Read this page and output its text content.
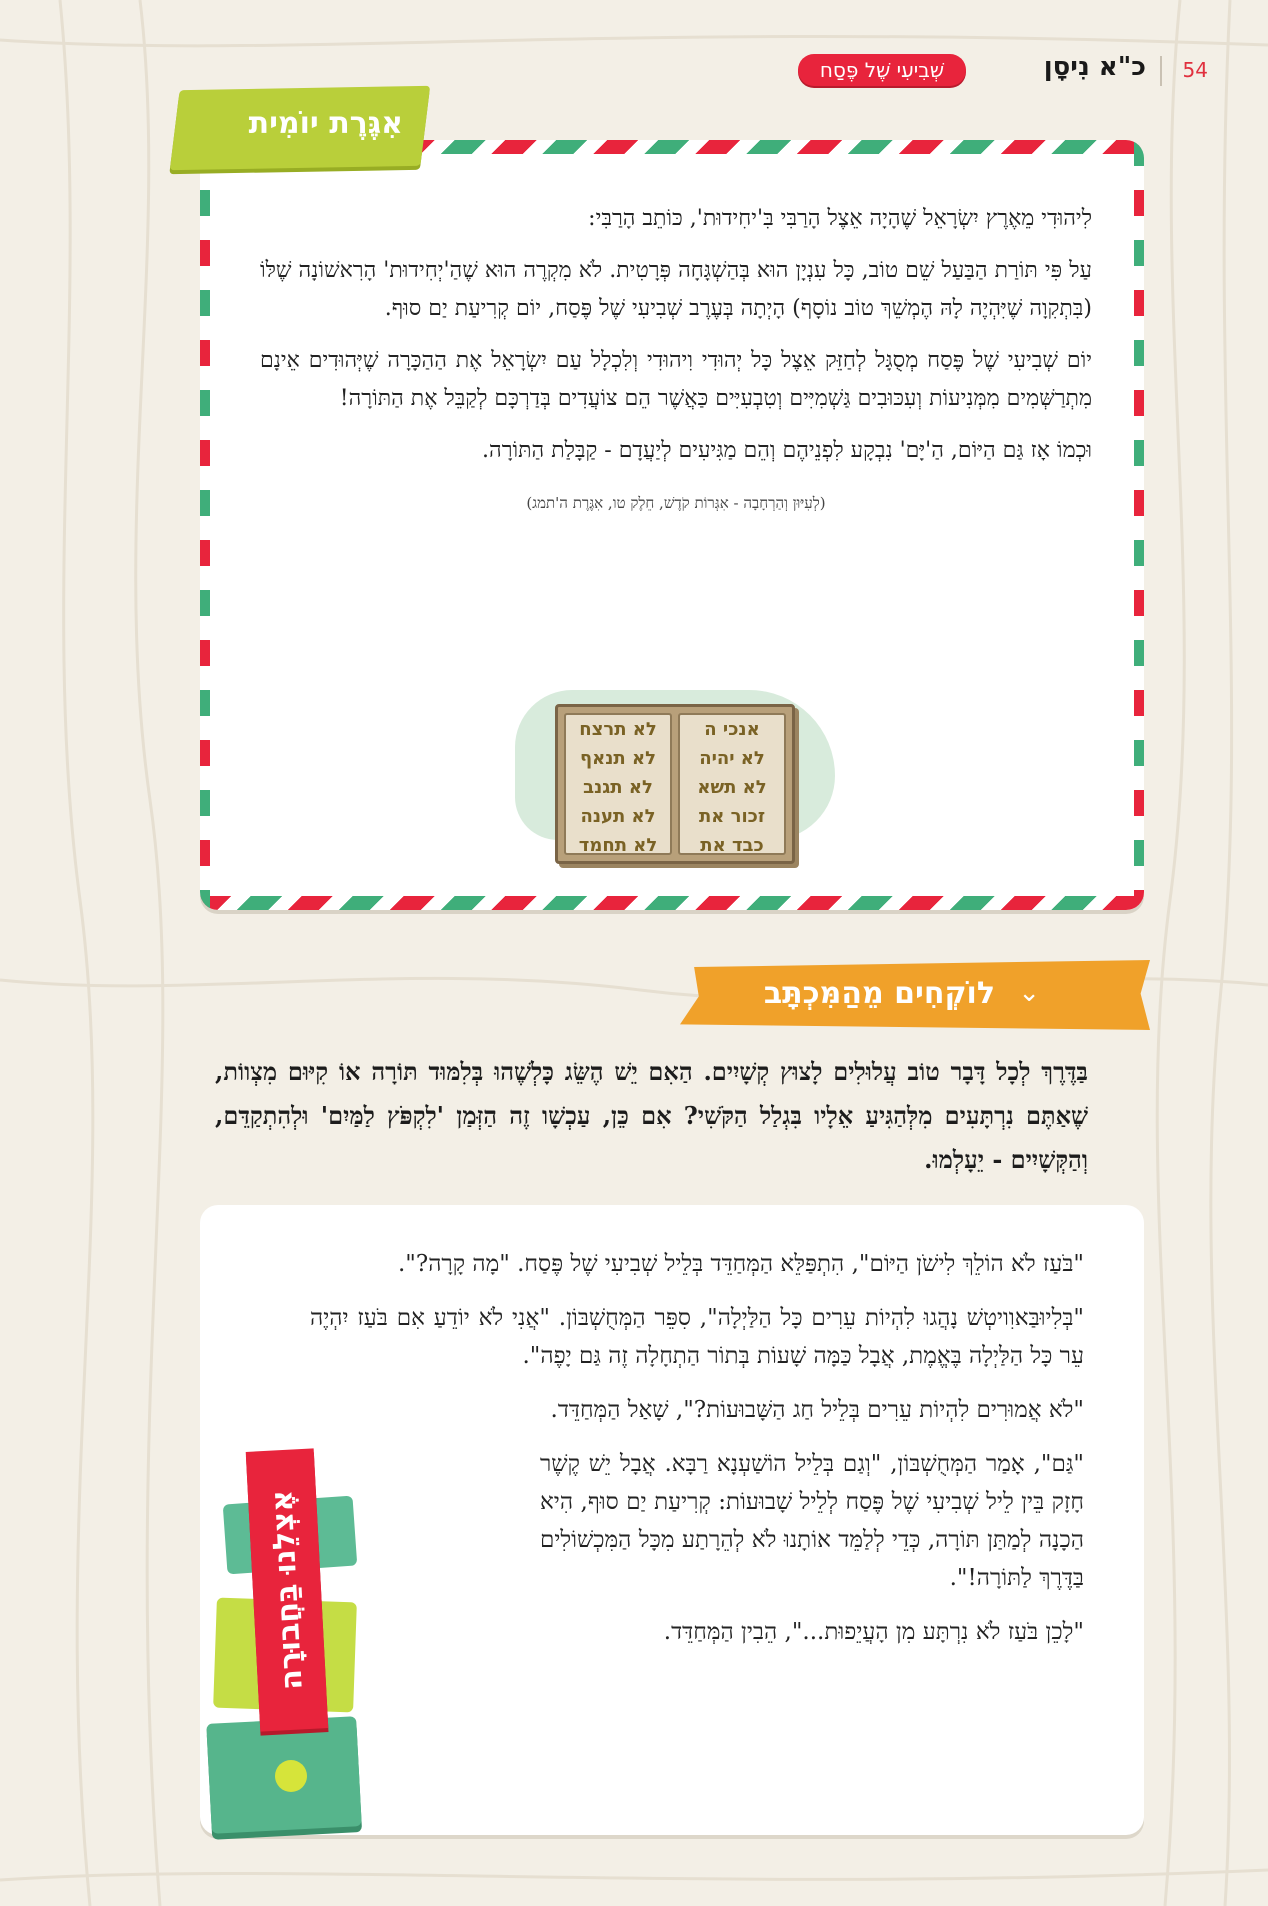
54
כ"א נִיסָן
שְׁבִיעִי שֶׁל פֶּסַח

לִיהוּדִי מֵאֶרֶץ יִשְׂרָאֵל שֶׁהָיָה אֵצֶל הָרַבִּי בִּ'יחִידוּת', כּוֹתֵב הָרַבִּי:

עַל פִּי תּוֹרַת הַבַּעַל שֵׁם טוֹב, כָּל עִנְיָן הוּא בְּהַשְׁגָּחָה פְּרָטִית. לֹא מִקְרֶה הוּא שֶׁהַ'יְחִידוּת' הָרִאשׁוֹנָה שֶׁלּוֹ (בִּתְקִוָה שֶׁיִּהְיֶה לָהּ הֶמְשֵׁךְ טוֹב נוֹסָף) הָיְתָה בְּעֶרֶב שְׁבִיעִי שֶׁל פֶּסַח, יוֹם קְרִיעַת יַם סוּף.

יוֹם שְׁבִיעִי שֶׁל פֶּסַח מְסֻגָּל לְחַזֵּק אֵצֶל כָּל יְהוּדִי וִיהוּדִי וְלִכְלָל עַם יִשְׂרָאֵל אֶת הַהַכָּרָה שֶׁיְּהוּדִים אֵינָם מִתְרַשְּׁמִים מִמְּנִיעוֹת וְעִכּוּבִים גַּשְׁמִיִּים וְטִבְעִיִּים כַּאֲשֶׁר הֵם צוֹעֲדִים בְּדַרְכָּם לְקַבֵּל אֶת הַתּוֹרָה!

וּכְמוֹ אָז גַּם הַיּוֹם, הַ'יָּם' נִבְקָע לִפְנֵיהֶם וְהֵם מַגִּיעִים לְיַעֲדָם - קַבָּלַת הַתּוֹרָה.

(לְעִיּוּן וְהַרְחָבָה - אִגְּרוֹת קֹדֶשׁ, חֵלֶק טו, אִגֶּרֶת ה'תמג)
אִגֶּרֶת יוֹמִית
לא תרצח
לא תנאף
לא תגנב
לא תענה
לא תחמד
אנכי ה
לא יהיה
לא תשא
זכור את
כבד את
⌄
לוֹקְחִים מֵהַמִּכְתָּב
בַּדֶּרֶךְ לְכָל דָּבָר טוֹב עֲלוּלִים לָצוּץ קְשָׁיִים. הַאִם יֵשׁ הֶשֵּׂג כָּלְשֶׁהוּ בְּלִמּוּד תּוֹרָה אוֹ קִיּוּם מִצְווֹת, שֶׁאַתֶּם נִרְתָּעִים מִלְּהַגִּיעַ אֵלָיו בִּגְלַל הַקֹּשִׁי? אִם כֵּן, עַכְשָׁו זֶה הַזְּמַן 'לִקְפֹּץ לַמַּיִם' וּלְהִתְקַדֵּם, וְהַקְּשָׁיִים - יֵעָלְמוּ.

"בֹּעַז לֹא הוֹלֵךְ לִישֹׁן הַיּוֹם", הִתְפַּלֵּא הַמְּחַדֵּד בְּלֵיל שְׁבִיעִי שֶׁל פֶּסַח. "מָה קָרָה?".

"בְּלִיוּבַּאוִויטְשׁ נָהֲגוּ לִהְיוֹת עֵרִים כָּל הַלַּיְלָה", סִפֵּר הַמְּחֻשְׁבּוֹן. "אֲנִי לֹא יוֹדֵעַ אִם בֹּעַז יִהְיֶה עֵר כָּל הַלַּיְלָה בֶּאֱמֶת, אֲבָל כַּמָּה שָׁעוֹת בְּתוֹר הַתְחָלָה זֶה גַּם יָפֶה".

"לֹא אֲמוּרִים לִהְיוֹת עֵרִים בְּלֵיל חַג הַשָּׁבוּעוֹת?", שָׁאַל הַמְּחַדֵּד.

"גַּם", אָמַר הַמְּחֻשְׁבּוֹן, "וְגַם בְּלֵיל הוֹשַׁעְנָא רַבָּא. אֲבָל יֵשׁ קֶשֶׁר חָזָק בֵּין לֵיל שְׁבִיעִי שֶׁל פֶּסַח לְלֵיל שָׁבוּעוֹת: קְרִיעַת יַם סוּף, הִיא הַכָנָה לְמַתַּן תּוֹרָה, כְּדֵי לְלַמֵּד אוֹתָנוּ לֹא לְהֵרָתַע מִכָּל הַמִּכְשׁוֹלִים בַּדֶּרֶךְ לַתּוֹרָה!".

"לָכֵן בֹּעַז לֹא נִרְתָּע מִן הָעֲיֵפוּת...", הֵבִין הַמְּחַדֵּד.

אֶצְלֵנוּ בַּחֲבוּרָה
